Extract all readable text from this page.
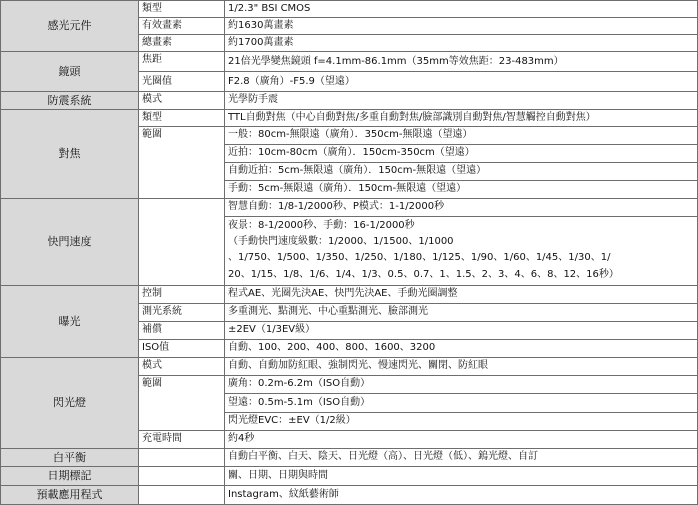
感光元件
類型	1/2.3" BSI CMOS
有效畫素	約1630萬畫素
總畫素	約1700萬畫素
鏡頭
焦距	21倍光學變焦鏡頭 f=4.1mm-86.1mm（35mm等效焦距：23-483mm）
光圈值	F2.8（廣角）-F5.9（望遠）
防震系統	模式	光學防手震
對焦
類型	TTL自動對焦（中心自動對焦/多重自動對焦/臉部識別自動對焦/智慧觸控自動對焦）
範圍	一般：80cm-無限遠（廣角）．350cm-無限遠（望遠）
近拍：10cm-80cm（廣角）．150cm-350cm（望遠）
自動近拍：5cm-無限遠（廣角）．150cm-無限遠（望遠）
手動：5cm-無限遠（廣角）．150cm-無限遠（望遠）
快門速度
智慧自動：1/8-1/2000秒、P模式：1-1/2000秒
夜景：8-1/2000秒、手動：16-1/2000秒
（手動快門速度級數：1/2000、1/1500、1/1000
、1/750、1/500、1/350、1/250、1/180、1/125、1/90、1/60、1/45、1/30、1/
20、1/15、1/8、1/6、1/4、1/3、0.5、0.7、1、1.5、2、3、4、6、8、12、16秒）
曝光
控制	程式AE、光圈先決AE、快門先決AE、手動光圈調整
測光系統	多重測光、點測光、中心重點測光、臉部測光
補償	±2EV（1/3EV級）
ISO值	自動、100、200、400、800、1600、3200
閃光燈
模式	自動、自動加防紅眼、強制閃光、慢速閃光、關閉、防紅眼
範圍	廣角：0.2m-6.2m（ISO自動）
望遠：0.5m-5.1m（ISO自動）
閃光燈EVC：±EV（1/2級）
充電時間	約4秒
白平衡	自動白平衡、白天、陰天、日光燈（高）、日光燈（低）、鎢光燈、自訂
日期標記	關、日期、日期與時間
預載應用程式	Instagram、紋紙藝術師
